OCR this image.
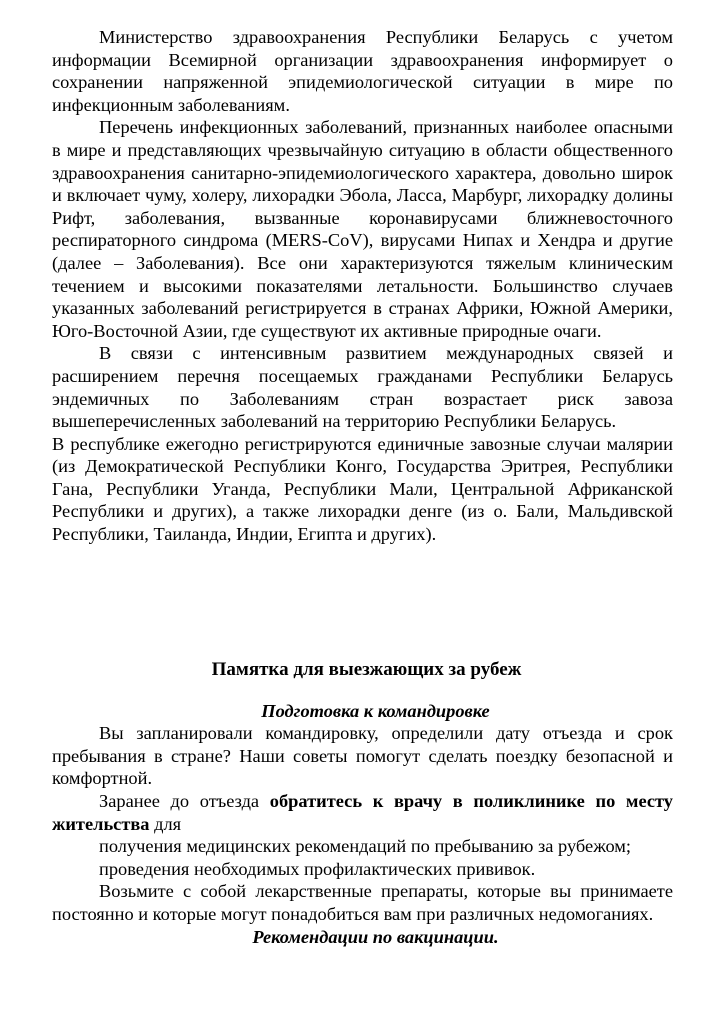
Министерство здравоохранения Республики Беларусь с учетом информации Всемирной организации здравоохранения информирует о сохранении напряженной эпидемиологической ситуации в мире по инфекционным заболеваниям.

Перечень инфекционных заболеваний, признанных наиболее опасными в мире и представляющих чрезвычайную ситуацию в области общественного здравоохранения санитарно-эпидемиологического характера, довольно широк и включает чуму, холеру, лихорадки Эбола, Ласса, Марбург, лихорадку долины Рифт, заболевания, вызванные коронавирусами ближневосточного респираторного синдрома (MERS-CoV), вирусами Нипах и Хендра и другие (далее – Заболевания). Все они характеризуются тяжелым клиническим течением и высокими показателями летальности. Большинство случаев указанных заболеваний регистрируется в странах Африки, Южной Америки, Юго-Восточной Азии, где существуют их активные природные очаги.

В связи с интенсивным развитием международных связей и расширением перечня посещаемых гражданами Республики Беларусь эндемичных по Заболеваниям стран возрастает риск завоза вышеперечисленных заболеваний на территорию Республики Беларусь.

В республике ежегодно регистрируются единичные завозные случаи малярии (из Демократической Республики Конго, Государства Эритрея, Республики Гана, Республики Уганда, Республики Мали, Центральной Африканской Республики и других), а также лихорадки денге (из о. Бали, Мальдивской Республики, Таиланда, Индии, Египта и других).

Памятка для выезжающих за рубеж
Подготовка к командировке

Вы запланировали командировку, определили дату отъезда и срок пребывания в стране? Наши советы помогут сделать поездку безопасной и комфортной.

Заранее до отъезда обратитесь к врачу в поликлинике по месту жительства для

получения медицинских рекомендаций по пребыванию за рубежом;

проведения необходимых профилактических прививок.

Возьмите с собой лекарственные препараты, которые вы принимаете постоянно и которые могут понадобиться вам при различных недомоганиях.

Рекомендации по вакцинации.
